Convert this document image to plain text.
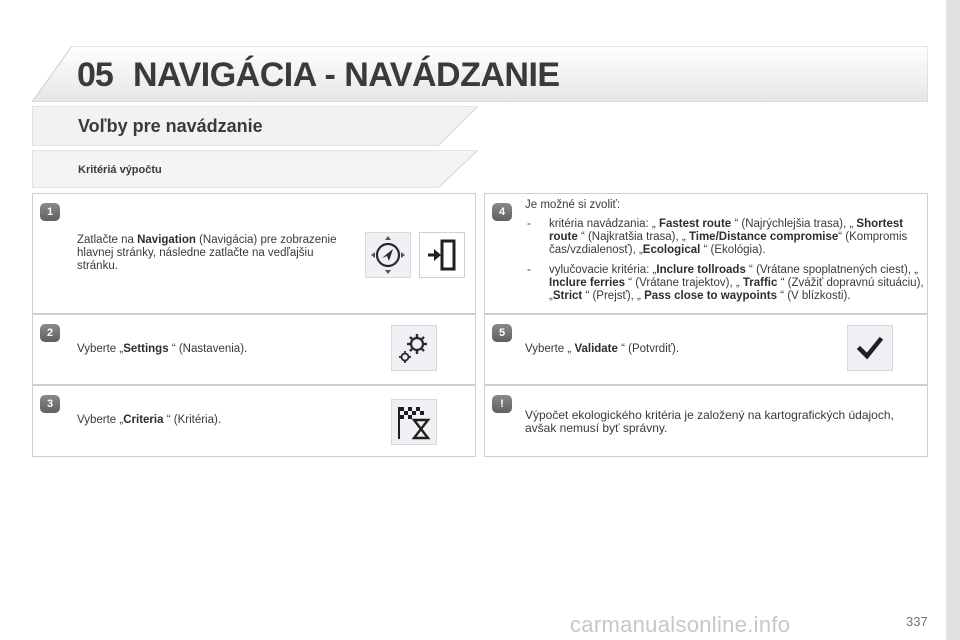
05 NAVIGÁCIA - NAVÁDZANIE
Voľby pre navádzanie
Kritériá výpočtu
1
Zatlačte na Navigation (Navigácia) pre zobrazenie hlavnej stránky, následne zatlačte na vedľajšiu stránku.
2
Vyberte „Settings “ (Nastavenia).
3
Vyberte „Criteria “ (Kritéria).
4
Je možné si zvoliť:
- kritéria navádzania: „ Fastest route “ (Najrýchlejšia trasa), „ Shortest route “ (Najkratšia trasa), „ Time/Distance compromise“ (Kompromis čas/vzdialenosť), „Ecological “ (Ekológia).
- vylučovacie kritéria: „Inclure tollroads “ (Vrátane spoplatnených ciest), „ Inclure ferries “ (Vrátane trajektov), „ Traffic “ (Zvážiť dopravnú situáciu), „Strict “ (Prejsť), „ Pass close to waypoints “ (V blízkosti).
5
Vyberte „ Validate “ (Potvrdiť).
!
Výpočet ekologického kritéria je založený na kartografických údajoch, avšak nemusí byť správny.
carmanualsonline.info	337
